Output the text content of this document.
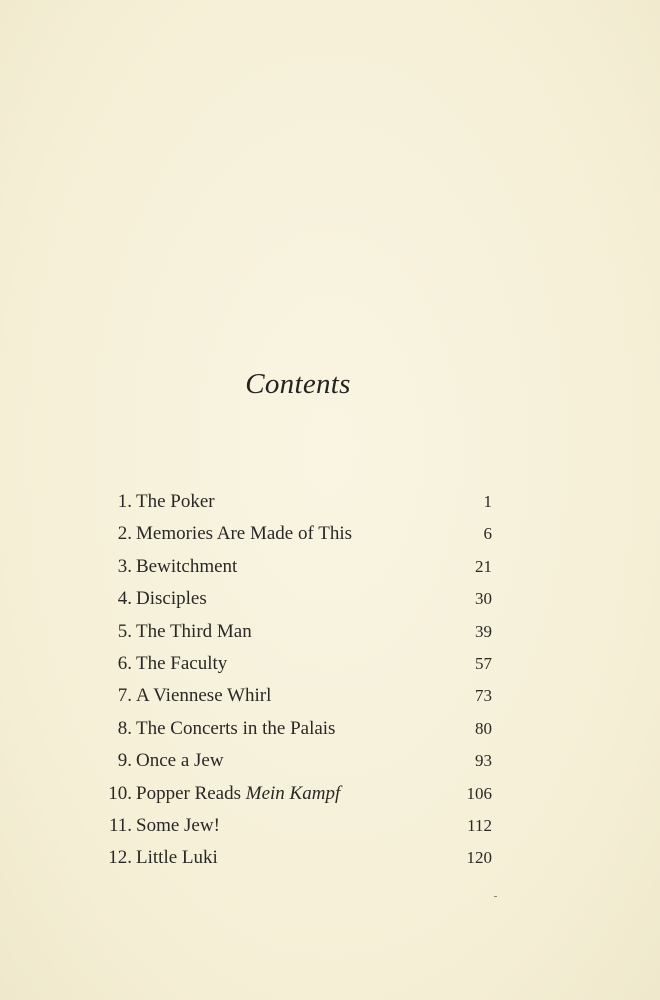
Contents
1. The Poker	1
2. Memories Are Made of This	6
3. Bewitchment	21
4. Disciples	30
5. The Third Man	39
6. The Faculty	57
7. A Viennese Whirl	73
8. The Concerts in the Palais	80
9. Once a Jew	93
10. Popper Reads Mein Kampf	106
11. Some Jew!	112
12. Little Luki	120
